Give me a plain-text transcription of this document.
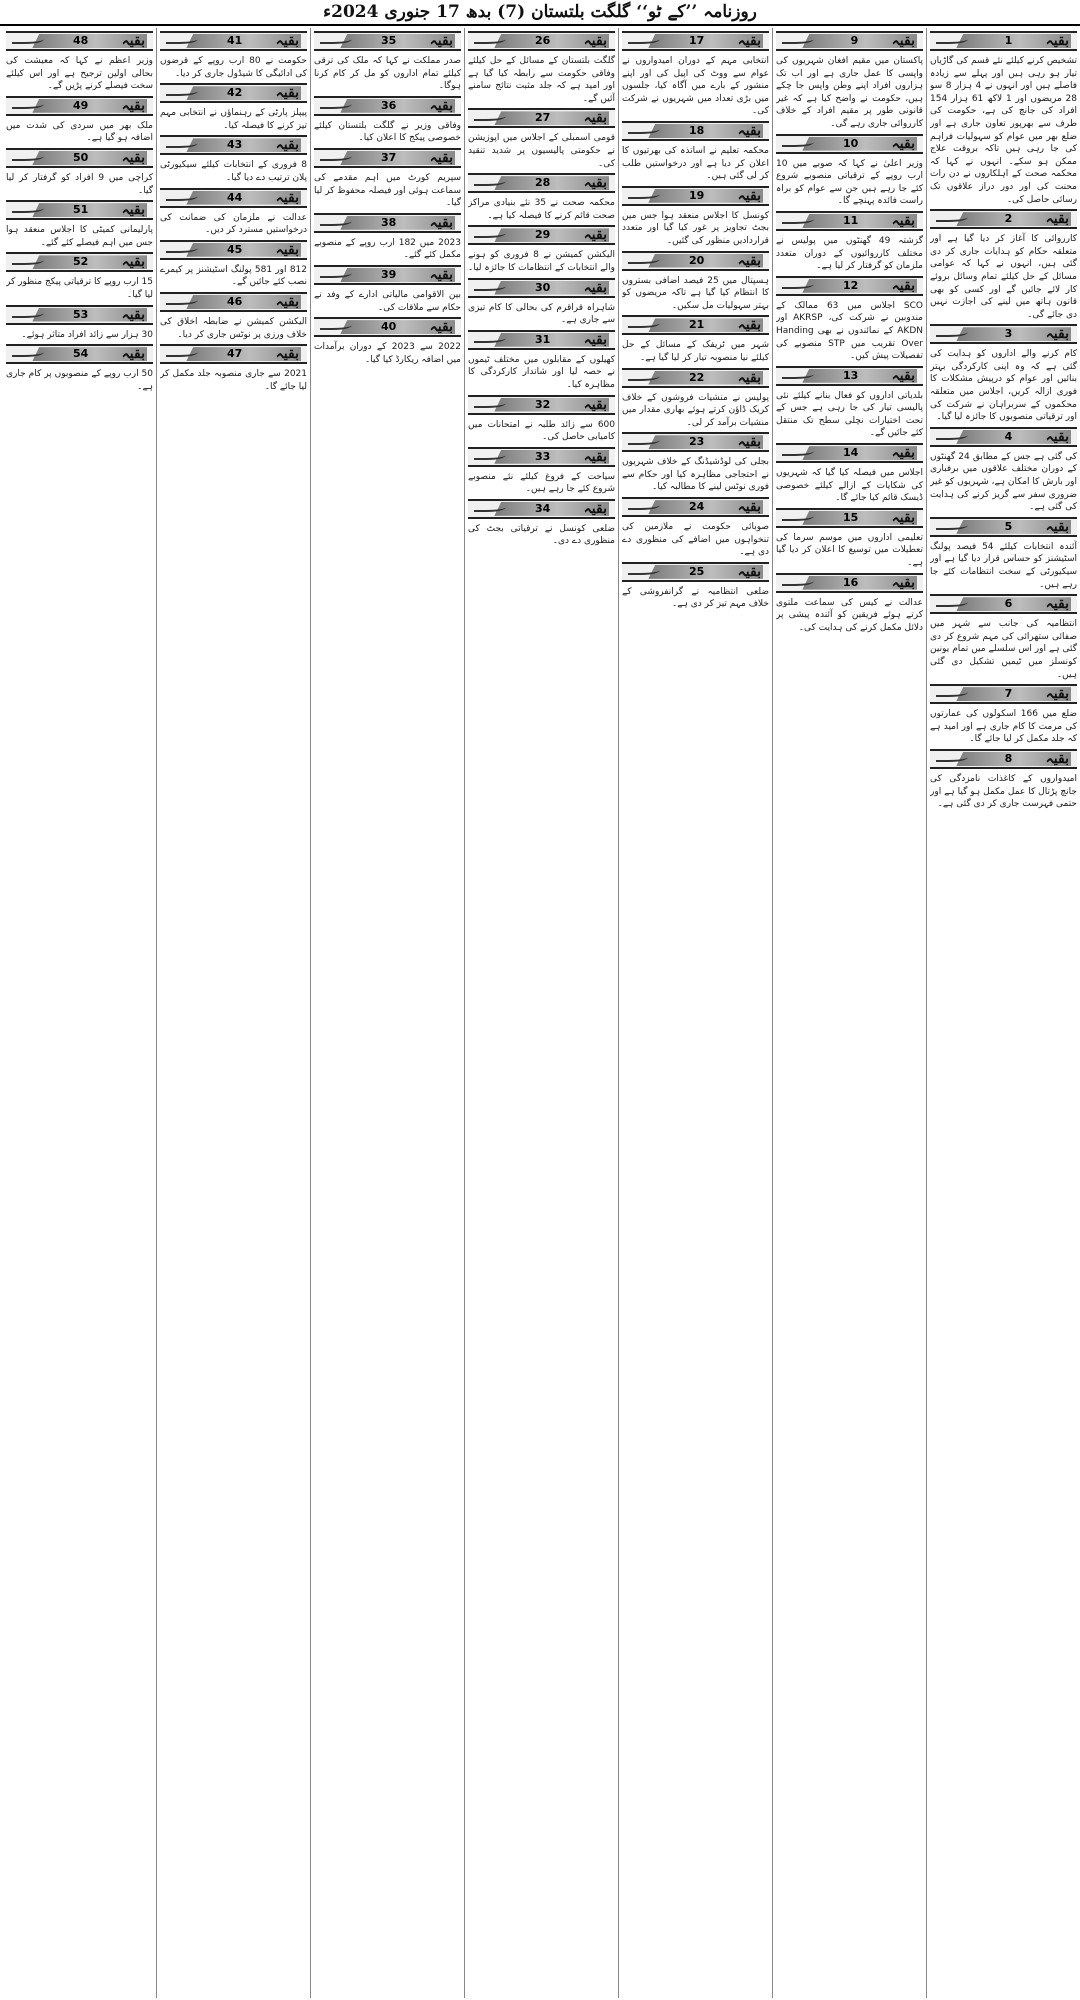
روزنامہ ’’کے ٹو‘‘ گلگت بلتستان (7) بدھ 17 جنوری 2024ء
بقیہ
1

تشخیص کرنے کیلئے نئے قسم کی گاڑیاں تیار ہو رہی ہیں اور پہلے سے زیادہ فاصلے ہیں اور انہوں نے 4 ہزار 8 سو 28 مریضوں اور 1 لاکھ 61 ہزار 154 افراد کی جانچ کی ہے، حکومت کی طرف سے بھرپور تعاون جاری ہے اور ضلع بھر میں عوام کو سہولیات فراہم کی جا رہی ہیں تاکہ بروقت علاج ممکن ہو سکے۔ انہوں نے کہا کہ محکمہ صحت کے اہلکاروں نے دن رات محنت کی اور دور دراز علاقوں تک رسائی حاصل کی۔

بقیہ
2

کارروائی کا آغاز کر دیا گیا ہے اور متعلقہ حکام کو ہدایات جاری کر دی گئی ہیں، انہوں نے کہا کہ عوامی مسائل کے حل کیلئے تمام وسائل بروئے کار لائے جائیں گے اور کسی کو بھی قانون ہاتھ میں لینے کی اجازت نہیں دی جائے گی۔

بقیہ
3

کام کرنے والے اداروں کو ہدایت کی گئی ہے کہ وہ اپنی کارکردگی بہتر بنائیں اور عوام کو درپیش مشکلات کا فوری ازالہ کریں، اجلاس میں متعلقہ محکموں کے سربراہان نے شرکت کی اور ترقیاتی منصوبوں کا جائزہ لیا گیا۔

بقیہ
4

کی گئی ہے جس کے مطابق 24 گھنٹوں کے دوران مختلف علاقوں میں برفباری اور بارش کا امکان ہے، شہریوں کو غیر ضروری سفر سے گریز کرنے کی ہدایت کی گئی ہے۔

بقیہ
5

آئندہ انتخابات کیلئے 54 فیصد پولنگ اسٹیشنز کو حساس قرار دیا گیا ہے اور سیکیورٹی کے سخت انتظامات کئے جا رہے ہیں۔

بقیہ
6

انتظامیہ کی جانب سے شہر میں صفائی ستھرائی کی مہم شروع کر دی گئی ہے اور اس سلسلے میں تمام یونین کونسلز میں ٹیمیں تشکیل دی گئی ہیں۔

بقیہ
7

ضلع میں 166 اسکولوں کی عمارتوں کی مرمت کا کام جاری ہے اور امید ہے کہ جلد مکمل کر لیا جائے گا۔

بقیہ
8

امیدواروں کے کاغذات نامزدگی کی جانچ پڑتال کا عمل مکمل ہو گیا ہے اور حتمی فہرست جاری کر دی گئی ہے۔

بقیہ
9

پاکستان میں مقیم افغان شہریوں کی واپسی کا عمل جاری ہے اور اب تک ہزاروں افراد اپنے وطن واپس جا چکے ہیں، حکومت نے واضح کیا ہے کہ غیر قانونی طور پر مقیم افراد کے خلاف کارروائی جاری رہے گی۔

بقیہ
10

وزیر اعلیٰ نے کہا کہ صوبے میں 10 ارب روپے کے ترقیاتی منصوبے شروع کئے جا رہے ہیں جن سے عوام کو براہ راست فائدہ پہنچے گا۔

بقیہ
11

گزشتہ 49 گھنٹوں میں پولیس نے مختلف کارروائیوں کے دوران متعدد ملزمان کو گرفتار کر لیا ہے۔

بقیہ
12

SCO اجلاس میں 63 ممالک کے مندوبین نے شرکت کی، AKRSP اور AKDN کے نمائندوں نے بھی Handing Over تقریب میں STP منصوبے کی تفصیلات پیش کیں۔

بقیہ
13

بلدیاتی اداروں کو فعال بنانے کیلئے نئی پالیسی تیار کی جا رہی ہے جس کے تحت اختیارات نچلی سطح تک منتقل کئے جائیں گے۔

بقیہ
14

اجلاس میں فیصلہ کیا گیا کہ شہریوں کی شکایات کے ازالے کیلئے خصوصی ڈیسک قائم کیا جائے گا۔

بقیہ
15

تعلیمی اداروں میں موسم سرما کی تعطیلات میں توسیع کا اعلان کر دیا گیا ہے۔

بقیہ
16

عدالت نے کیس کی سماعت ملتوی کرتے ہوئے فریقین کو آئندہ پیشی پر دلائل مکمل کرنے کی ہدایت کی۔

بقیہ
17

انتخابی مہم کے دوران امیدواروں نے عوام سے ووٹ کی اپیل کی اور اپنے منشور کے بارے میں آگاہ کیا، جلسوں میں بڑی تعداد میں شہریوں نے شرکت کی۔

بقیہ
18

محکمہ تعلیم نے اساتذہ کی بھرتیوں کا اعلان کر دیا ہے اور درخواستیں طلب کر لی گئی ہیں۔

بقیہ
19

کونسل کا اجلاس منعقد ہوا جس میں بجٹ تجاویز پر غور کیا گیا اور متعدد قراردادیں منظور کی گئیں۔

بقیہ
20

ہسپتال میں 25 فیصد اضافی بستروں کا انتظام کیا گیا ہے تاکہ مریضوں کو بہتر سہولیات مل سکیں۔

بقیہ
21

شہر میں ٹریفک کے مسائل کے حل کیلئے نیا منصوبہ تیار کر لیا گیا ہے۔

بقیہ
22

پولیس نے منشیات فروشوں کے خلاف کریک ڈاؤن کرتے ہوئے بھاری مقدار میں منشیات برآمد کر لی۔

بقیہ
23

بجلی کی لوڈشیڈنگ کے خلاف شہریوں نے احتجاجی مظاہرہ کیا اور حکام سے فوری نوٹس لینے کا مطالبہ کیا۔

بقیہ
24

صوبائی حکومت نے ملازمین کی تنخواہوں میں اضافے کی منظوری دے دی ہے۔

بقیہ
25

ضلعی انتظامیہ نے گرانفروشی کے خلاف مہم تیز کر دی ہے۔

بقیہ
26

گلگت بلتستان کے مسائل کے حل کیلئے وفاقی حکومت سے رابطہ کیا گیا ہے اور امید ہے کہ جلد مثبت نتائج سامنے آئیں گے۔

بقیہ
27

قومی اسمبلی کے اجلاس میں اپوزیشن نے حکومتی پالیسیوں پر شدید تنقید کی۔

بقیہ
28

محکمہ صحت نے 35 نئے بنیادی مراکز صحت قائم کرنے کا فیصلہ کیا ہے۔

بقیہ
29

الیکشن کمیشن نے 8 فروری کو ہونے والے انتخابات کے انتظامات کا جائزہ لیا۔

بقیہ
30

شاہراہ قراقرم کی بحالی کا کام تیزی سے جاری ہے۔

بقیہ
31

کھیلوں کے مقابلوں میں مختلف ٹیموں نے حصہ لیا اور شاندار کارکردگی کا مظاہرہ کیا۔

بقیہ
32

600 سے زائد طلبہ نے امتحانات میں کامیابی حاصل کی۔

بقیہ
33

سیاحت کے فروغ کیلئے نئے منصوبے شروع کئے جا رہے ہیں۔

بقیہ
34

ضلعی کونسل نے ترقیاتی بجٹ کی منظوری دے دی۔

بقیہ
35

صدر مملکت نے کہا کہ ملک کی ترقی کیلئے تمام اداروں کو مل کر کام کرنا ہوگا۔

بقیہ
36

وفاقی وزیر نے گلگت بلتستان کیلئے خصوصی پیکج کا اعلان کیا۔

بقیہ
37

سپریم کورٹ میں اہم مقدمے کی سماعت ہوئی اور فیصلہ محفوظ کر لیا گیا۔

بقیہ
38

2023 میں 182 ارب روپے کے منصوبے مکمل کئے گئے۔

بقیہ
39

بین الاقوامی مالیاتی ادارے کے وفد نے حکام سے ملاقات کی۔

بقیہ
40

2022 سے 2023 کے دوران برآمدات میں اضافہ ریکارڈ کیا گیا۔

بقیہ
41

حکومت نے 80 ارب روپے کے قرضوں کی ادائیگی کا شیڈول جاری کر دیا۔

بقیہ
42

پیپلز پارٹی کے رہنماؤں نے انتخابی مہم تیز کرنے کا فیصلہ کیا۔

بقیہ
43

8 فروری کے انتخابات کیلئے سیکیورٹی پلان ترتیب دے دیا گیا۔

بقیہ
44

عدالت نے ملزمان کی ضمانت کی درخواستیں مسترد کر دیں۔

بقیہ
45

812 اور 581 پولنگ اسٹیشنز پر کیمرے نصب کئے جائیں گے۔

بقیہ
46

الیکشن کمیشن نے ضابطہ اخلاق کی خلاف ورزی پر نوٹس جاری کر دیا۔

بقیہ
47

2021 سے جاری منصوبہ جلد مکمل کر لیا جائے گا۔

بقیہ
48

وزیر اعظم نے کہا کہ معیشت کی بحالی اولین ترجیح ہے اور اس کیلئے سخت فیصلے کرنے پڑیں گے۔

بقیہ
49

ملک بھر میں سردی کی شدت میں اضافہ ہو گیا ہے۔

بقیہ
50

کراچی میں 9 افراد کو گرفتار کر لیا گیا۔

بقیہ
51

پارلیمانی کمیٹی کا اجلاس منعقد ہوا جس میں اہم فیصلے کئے گئے۔

بقیہ
52

15 ارب روپے کا ترقیاتی پیکج منظور کر لیا گیا۔

بقیہ
53

30 ہزار سے زائد افراد متاثر ہوئے۔

بقیہ
54

50 ارب روپے کے منصوبوں پر کام جاری ہے۔
